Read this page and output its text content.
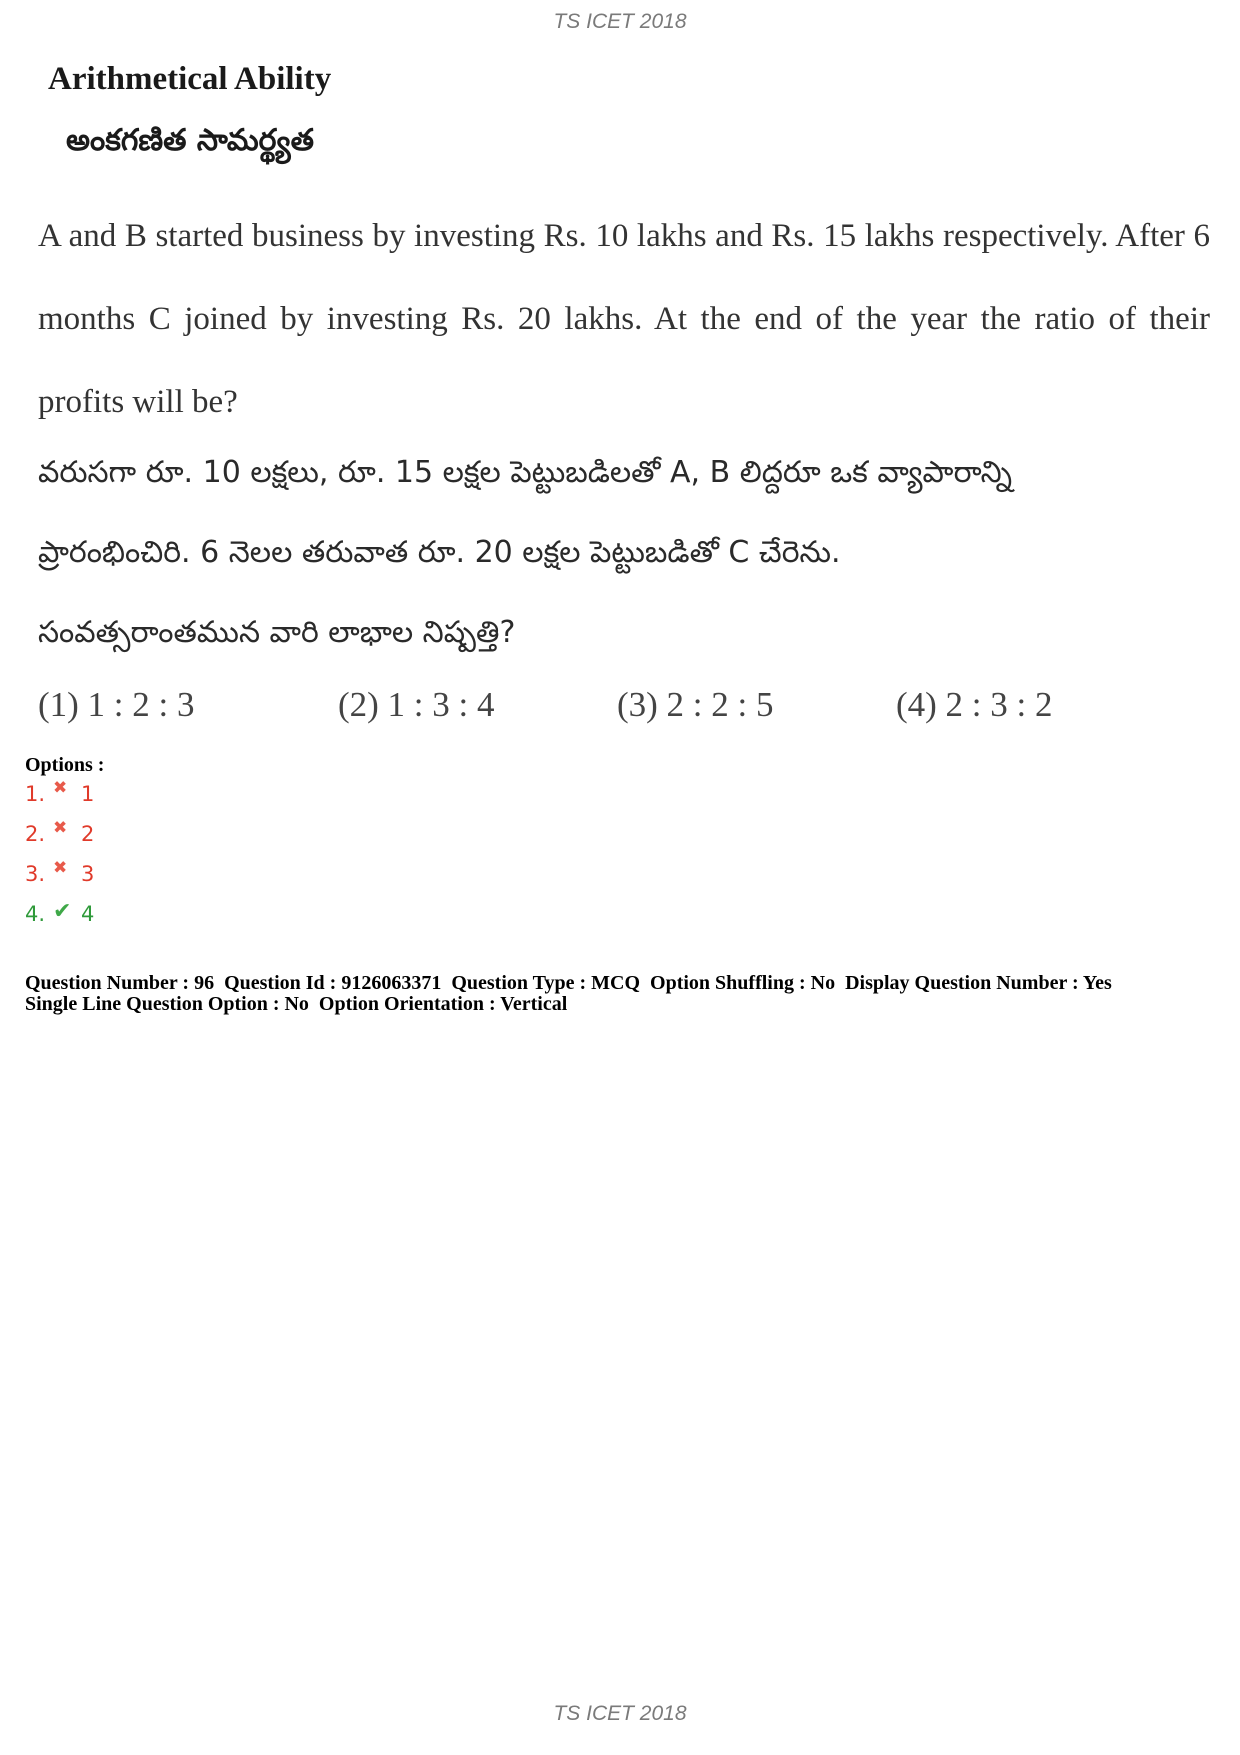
TS ICET 2018
Arithmetical Ability
అంకగణిత సామర్థ్యత
A and B started business by investing Rs. 10 lakhs and Rs. 15 lakhs respectively. After 6 months C joined by investing Rs. 20 lakhs. At the end of the year the ratio of their profits will be?
వరుసగా రూ. 10 లక్షలు, రూ. 15 లక్షల పెట్టుబడిలతో A, B లిద్దరూ ఒక వ్యాపారాన్ని
ప్రారంభించిరి. 6 నెలల తరువాత రూ. 20 లక్షల పెట్టుబడితో C చేరెను.
సంవత్సరాంతమున వారి లాభాల నిష్పత్తి?
(1) 1 : 2 : 3	(2) 1 : 3 : 4	(3) 2 : 2 : 5	(4) 2 : 3 : 2
Options :
1. ✖ 1
2. ✖ 2
3. ✖ 3
4. ✔ 4
Question Number : 96  Question Id : 9126063371  Question Type : MCQ  Option Shuffling : No  Display Question Number : Yes
Single Line Question Option : No  Option Orientation : Vertical
TS ICET 2018
